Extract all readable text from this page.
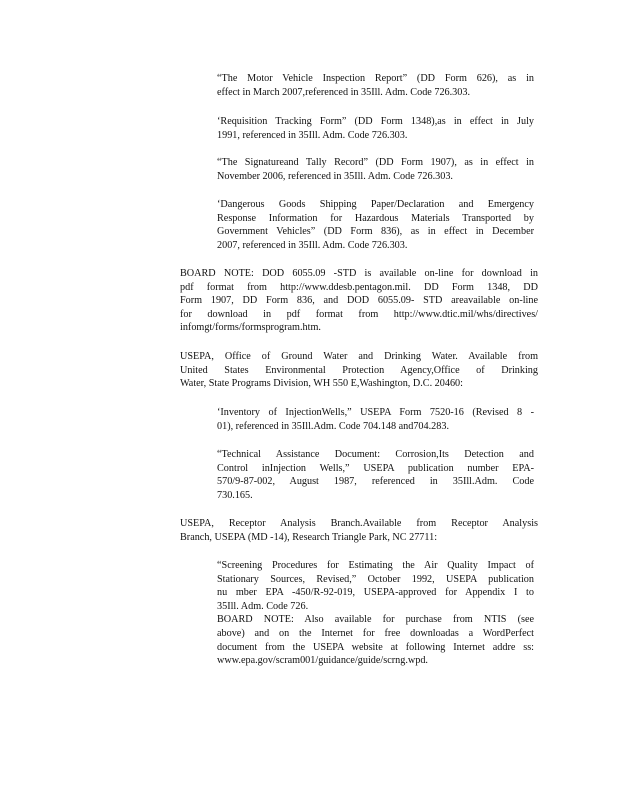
“The Motor Vehicle Inspection Report” (DD Form 626), as in
effect in March 2007,referenced in 35Ill. Adm. Code 726.303.
‘Requisition Tracking Form” (DD Form 1348),as in effect in July
1991, referenced in 35Ill. Adm. Code 726.303.
“The Signatureand Tally Record” (DD Form 1907), as in effect in
November 2006, referenced in 35Ill. Adm. Code 726.303.
‘Dangerous Goods Shipping Paper/Declaration and Emergency
Response Information for Hazardous Materials Transported by
Government Vehicles” (DD Form 836), as in effect in December
2007, referenced in 35Ill. Adm. Code 726.303.
BOARD NOTE: DOD 6055.09 -STD is available on-line for download in
pdf format from http://www.ddesb.pentagon.mil. DD Form 1348, DD
Form 1907, DD Form 836, and DOD 6055.09- STD areavailable on-line
for download in pdf format from http://www.dtic.mil/whs/directives/
infomgt/forms/formsprogram.htm.
USEPA, Office of Ground Water and Drinking Water. Available from
United States Environmental Protection Agency,Office of Drinking
Water, State Programs Division, WH 550 E,Washington, D.C. 20460:
‘Inventory of InjectionWells,” USEPA Form 7520-16 (Revised 8 -
01), referenced in 35Ill.Adm. Code 704.148 and704.283.
“Technical Assistance Document: Corrosion,Its Detection and
Control inInjection Wells,” USEPA publication number EPA-
570/9-87-002, August 1987, referenced in 35Ill.Adm. Code
730.165.
USEPA, Receptor Analysis Branch.Available from Receptor Analysis
Branch, USEPA (MD -14), Research Triangle Park, NC 27711:
“Screening Procedures for Estimating the Air Quality Impact of
Stationary Sources, Revised,” October 1992, USEPA publication
nu mber EPA -450/R-92-019, USEPA-approved for Appendix I to
35Ill. Adm. Code 726.
BOARD NOTE: Also available for purchase from NTIS (see
above) and on the Internet for free downloadas a WordPerfect
document from the USEPA website at following Internet addre ss:
www.epa.gov/scram001/guidance/guide/scrng.wpd.
